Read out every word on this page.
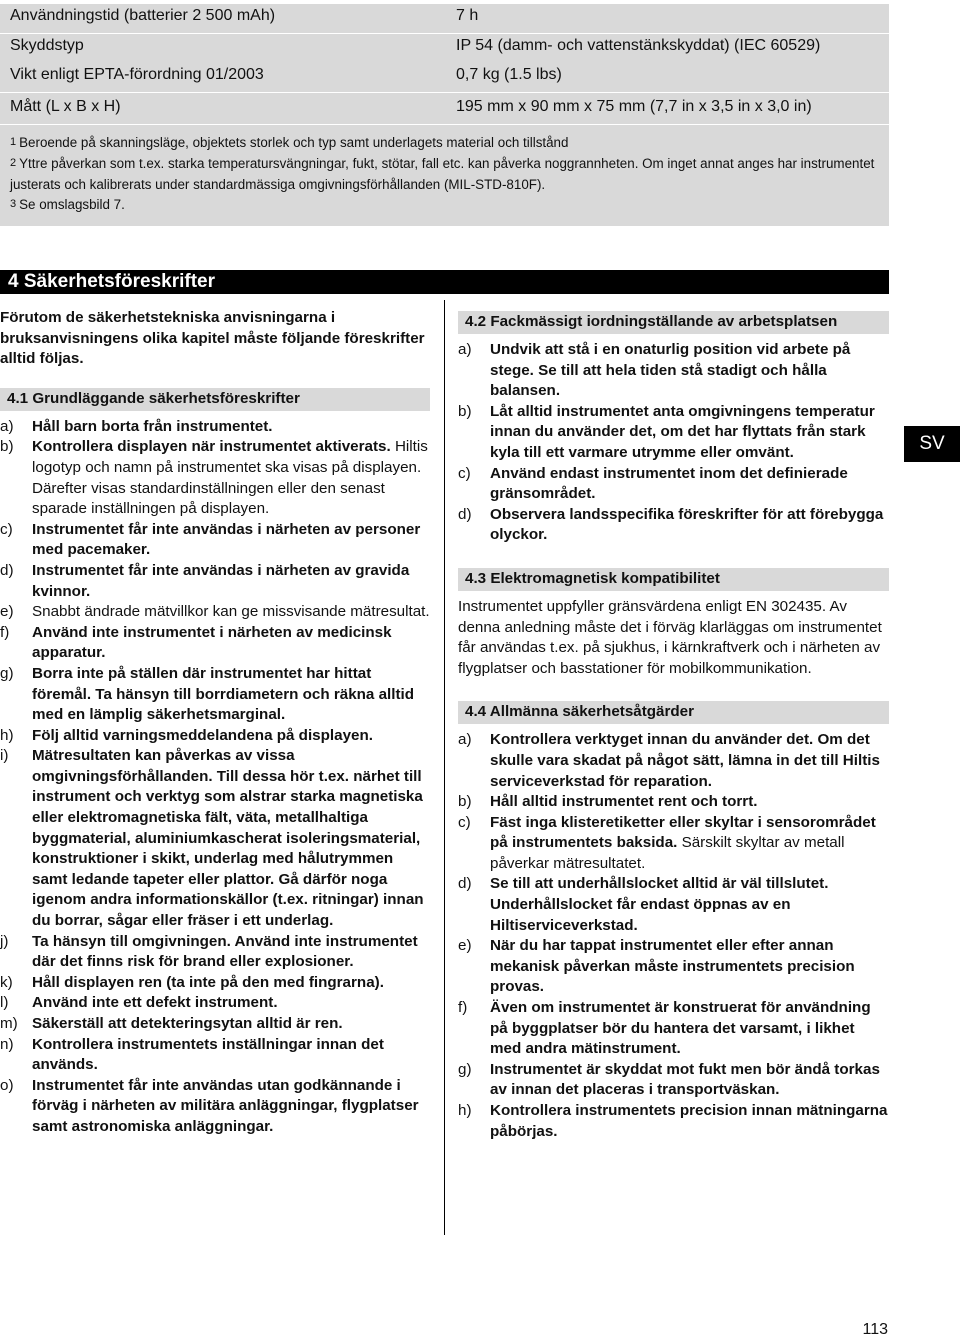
Användningstid (batterier 2 500 mAh)	7 h
Skyddstyp	IP 54 (damm- och vattenstänkskyddat) (IEC 60529)
Vikt enligt EPTA-förordning 01/2003	0,7 kg (1.5 lbs)
Mått (L x B x H)	195 mm x 90 mm x 75 mm (7,7 in x 3,5 in x 3,0 in)
$^1$ Beroende på skanningsläge, objektets storlek och typ samt underlagets material och tillstånd
$^2$ Yttre påverkan som t.ex. starka temperatursvängningar, fukt, stötar, fall etc. kan påverka noggrannheten. Om inget annat anges har instrumentet justerats och kalibrerats under standardmässiga omgivningsförhållanden (MIL-STD-810F).
$^3$ Se omslagsbild 7.
4 Säkerhetsföreskrifter

Förutom de säkerhetstekniska anvisningarna i bruksanvisningens olika kapitel måste följande föreskrifter alltid följas.

4.1 Grundläggande säkerhetsföreskrifter
a)	Håll barn borta från instrumentet.
b)	Kontrollera displayen när instrumentet aktiverats. Hiltis logotyp och namn på instrumentet ska visas på displayen. Därefter visas standardinställningen eller den senast sparade inställningen på displayen.
c)	Instrumentet får inte användas i närheten av personer med pacemaker.
d)	Instrumentet får inte användas i närheten av gravida kvinnor.
e)	Snabbt ändrade mätvillkor kan ge missvisande mätresultat.
f)	Använd inte instrumentet i närheten av medicinsk apparatur.
g)	Borra inte på ställen där instrumentet har hittat föremål. Ta hänsyn till borrdiametern och räkna alltid med en lämplig säkerhetsmarginal.
h)	Följ alltid varningsmeddelandena på displayen.
i)	Mätresultaten kan påverkas av vissa omgivningsförhållanden. Till dessa hör t.ex. närhet till instrument och verktyg som alstrar starka magnetiska eller elektromagnetiska fält, väta, metallhaltiga byggmaterial, aluminiumkascherat isoleringsmaterial, konstruktioner i skikt, underlag med hålutrymmen samt ledande tapeter eller plattor. Gå därför noga igenom andra informationskällor (t.ex. ritningar) innan du borrar, sågar eller fräser i ett underlag.
j)	Ta hänsyn till omgivningen. Använd inte instrumentet där det finns risk för brand eller explosioner.
k)	Håll displayen ren (ta inte på den med fingrarna).
l)	Använd inte ett defekt instrument.
m) Säkerställ att detekteringsytan alltid är ren.
n)	Kontrollera instrumentets inställningar innan det används.
o)	Instrumentet får inte användas utan godkännande i förväg i närheten av militära anläggningar, flygplatser samt astronomiska anläggningar.
4.2 Fackmässigt iordningställande av arbetsplatsen
a)	Undvik att stå i en onaturlig position vid arbete på stege. Se till att hela tiden stå stadigt och hålla balansen.
b)	Låt alltid instrumentet anta omgivningens temperatur innan du använder det, om det har flyttats från stark kyla till ett varmare utrymme eller omvänt.
c)	Använd endast instrumentet inom det definierade gränsområdet.
d)	Observera landsspecifika föreskrifter för att förebygga olyckor.
4.3 Elektromagnetisk kompatibilitet

Instrumentet uppfyller gränsvärdena enligt EN 302435. Av denna anledning måste det i förväg klarläggas om instrumentet får användas t.ex. på sjukhus, i kärnkraftverk och i närheten av flygplatser och basstationer för mobilkommunikation.

4.4 Allmänna säkerhetsåtgärder
a)	Kontrollera verktyget innan du använder det. Om det skulle vara skadat på något sätt, lämna in det till Hiltis serviceverkstad för reparation.
b)	Håll alltid instrumentet rent och torrt.
c)	Fäst inga klisteretiketter eller skyltar i sensorområdet på instrumentets baksida. Särskilt skyltar av metall påverkar mätresultatet.
d)	Se till att underhållslocket alltid är väl tillslutet. Underhållslocket får endast öppnas av en Hiltiserviceverkstad.
e)	När du har tappat instrumentet eller efter annan mekanisk påverkan måste instrumentets precision provas.
f)	Även om instrumentet är konstruerat för användning på byggplatser bör du hantera det varsamt, i likhet med andra mätinstrument.
g)	Instrumentet är skyddat mot fukt men bör ändå torkas av innan det placeras i transportväskan.
h)	Kontrollera instrumentets precision innan mätningarna påbörjas.
SV
113
